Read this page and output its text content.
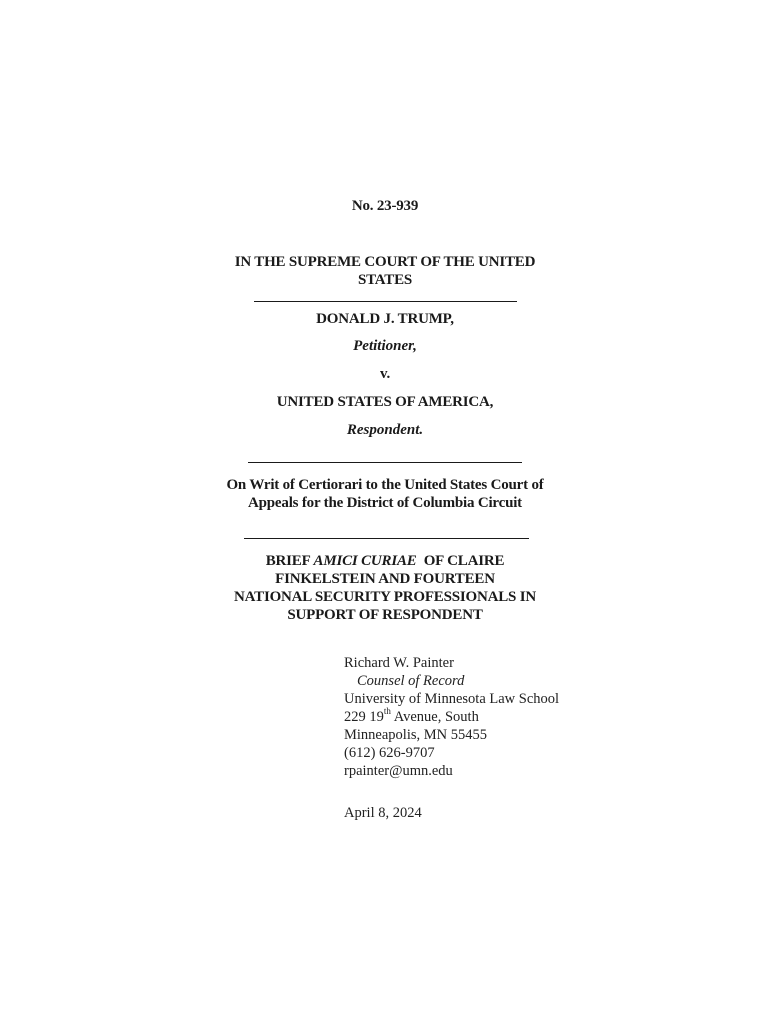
No. 23-939
IN THE SUPREME COURT OF THE UNITED
STATES
DONALD J. TRUMP,
Petitioner,
v.
UNITED STATES OF AMERICA,
Respondent.
On Writ of Certiorari to the United States Court of
Appeals for the District of Columbia Circuit
BRIEF AMICI CURIAE  OF CLAIRE
FINKELSTEIN AND FOURTEEN
NATIONAL SECURITY PROFESSIONALS IN
SUPPORT OF RESPONDENT
Richard W. Painter
Counsel of Record
University of Minnesota Law School
229 19th Avenue, South
Minneapolis, MN 55455
(612) 626-9707
rpainter@umn.edu
April 8, 2024
